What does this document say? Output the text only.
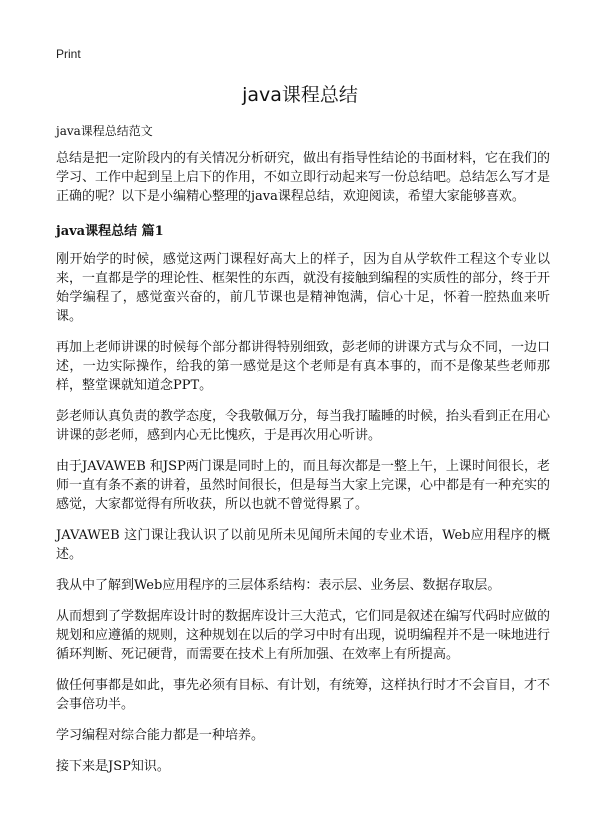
Print
java课程总结

java课程总结范文

总结是把一定阶段内的有关情况分析研究，做出有指导性结论的书面材料，它在我们的学习、工作中起到呈上启下的作用，不如立即行动起来写一份总结吧。总结怎么写才是正确的呢？以下是小编精心整理的java课程总结，欢迎阅读，希望大家能够喜欢。

java课程总结 篇1

刚开始学的时候，感觉这两门课程好高大上的样子，因为自从学软件工程这个专业以来，一直都是学的理论性、框架性的东西，就没有接触到编程的实质性的部分，终于开始学编程了，感觉蛮兴奋的，前几节课也是精神饱满，信心十足，怀着一腔热血来听课。

再加上老师讲课的时候每个部分都讲得特别细致，彭老师的讲课方式与众不同，一边口述，一边实际操作，给我的第一感觉是这个老师是有真本事的，而不是像某些老师那样，整堂课就知道念PPT。

彭老师认真负责的教学态度，令我敬佩万分，每当我打瞌睡的时候，抬头看到正在用心讲课的彭老师，感到内心无比愧疚，于是再次用心听讲。

由于JAVAWEB 和JSP两门课是同时上的，而且每次都是一整上午，上课时间很长，老师一直有条不紊的讲着，虽然时间很长，但是每当大家上完课，心中都是有一种充实的感觉，大家都觉得有所收获，所以也就不曾觉得累了。

JAVAWEB 这门课让我认识了以前见所未见闻所未闻的专业术语，Web应用程序的概述。

我从中了解到Web应用程序的三层体系结构：表示层、业务层、数据存取层。

从而想到了学数据库设计时的数据库设计三大范式，它们同是叙述在编写代码时应做的规划和应遵循的规则，这种规划在以后的学习中时有出现，说明编程并不是一味地进行循环判断、死记硬背，而需要在技术上有所加强、在效率上有所提高。

做任何事都是如此，事先必须有目标、有计划，有统筹，这样执行时才不会盲目，才不会事倍功半。

学习编程对综合能力都是一种培养。

接下来是JSP知识。
